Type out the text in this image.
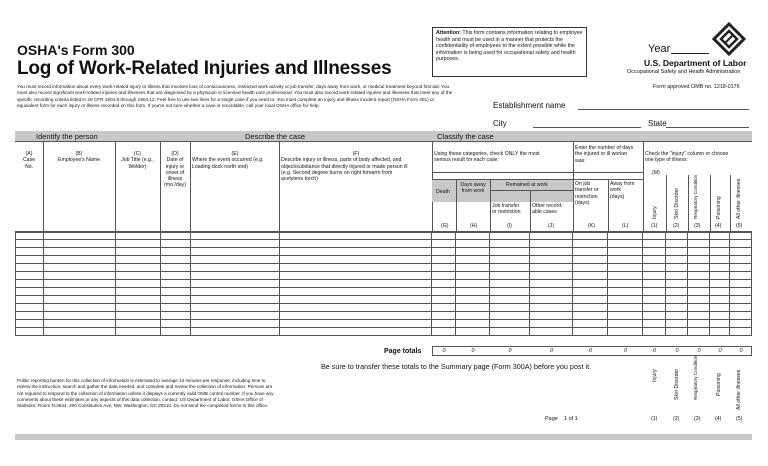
OSHA's Form 300
Log of Work-Related Injuries and Illnesses
Attention: This form contains information relating to employee health and must be used in a manner that protects the confidentiality of employees to the extent possible while the information is being used for occupational safety and health purposes.
Year
U.S. Department of Labor
Occupational Safety and Health Administration
You must record information about every work-related injury or illness that involves loss of consciousness, restricted work activity or job transfer, days away from work, or medical treatment beyond first aid. You must also record significant work-related injuries and illnesses that are diagnosed by a physician or licensed health care professional. You must also record work-related injuries and illnesses that meet any of the specific recording criteria listed in 29 CFR 1904.8 through 1904.12. Feel free to use two lines for a single case if you need to. You must complete an injury and illness incident report (OSHA Form 301) or equivalent form for each injury or illness recorded on this form. If you're not sure whether a case is recordable, call your local OSHA office for help.
Form approved OMB no. 1218-0176
Establishment name
City	State
Identify the person	Describe the case	Classify the case
(A)
Case
No.
(B)
Employee's Name
(C)
Job Title (e.g.,
Welder)
(D)
Date of
injury or
onset of
illness
(mo./day)
(E)
Where the event occurred (e.g.
Loading dock north end)
(F)
Describe injury or illness, parts of body affected, and
object/substance that directly injured or made person ill
(e.g. Second degree burns on right forearm from
acetylene torch)
Using these categories, check ONLY the most
serious result for each case:
Enter the number of days
the injured or ill worker
was:
Check the "injury" column or choose
one type of illness:
(M)
Death
Days away
from work
Remained at work
Job transfer
or restriction
Other record-
able cases
On job
transfer or
restriction
(days)
Away from
work
(days)
Injury	Skin Disorder	Respiratory Condition	Poisoning	All other illnesses
(G)	(H)	(I)	(J)	(K)	(L)	(1)	(2)	(3)	(4)	(5)

Page totals	0	0	0	0	0	0	0	0	0	0	0
Be sure to transfer these totals to the Summary page (Form 300A) before you post it.
Injury	Skin Disorder	Respiratory Condition	Poisoning	All other illnesses
Public reporting burden for this collection of information is estimated to average 14 minutes per response, including time to review the instruction, search and gather the data needed, and complete and review the collection of information. Persons are not required to respond to the collection of information unless it displays a currently valid OMB control number. If you have any comments about these estimates or any aspects of this data collection, contact: US Department of Labor, OSHA Office of Statistics, Room N-3644, 200 Constitution Ave, NW, Washington, DC 20210. Do not send the completed forms to this office.
Page 1 of 1	(1)	(2)	(3)	(4)	(5)
